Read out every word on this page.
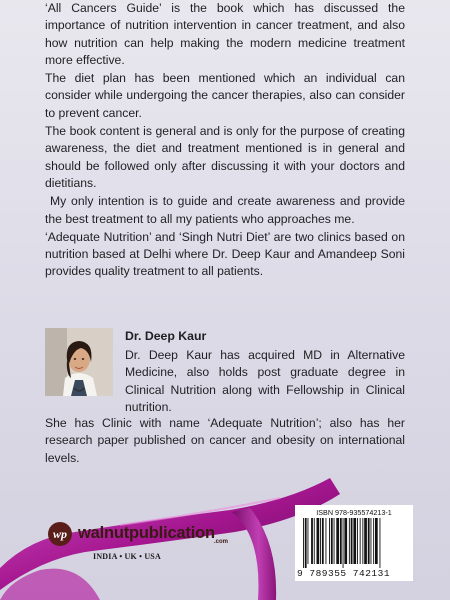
‘All Cancers Guide’ is the book which has discussed the importance of nutrition intervention in cancer treatment, and also how nutrition can help making the modern medicine treatment more effective.

The diet plan has been mentioned which an individual can consider while undergoing the cancer therapies, also can consider to prevent cancer.

The book content is general and is only for the purpose of creating awareness, the diet and treatment mentioned is in general and should be followed only after discussing it with your doctors and dietitians.

My only intention is to guide and create awareness and provide the best treatment to all my patients who approaches me.

‘Adequate Nutrition’ and ‘Singh Nutri Diet’ are two clinics based on nutrition based at Delhi where Dr. Deep Kaur and Amandeep Soni provides quality treatment to all patients.

Dr. Deep Kaur
Dr. Deep Kaur has acquired MD in Alternative Medicine, also holds post graduate degree in Clinical Nutrition along with Fellowship in Clinical nutrition.
She has Clinic with name ‘Adequate Nutrition’; also has her research paper published on cancer and obesity on international levels.
wp walnutpublication .com
INDIA • UK • USA
ISBN 978-935574213-1
9 789355 742131
